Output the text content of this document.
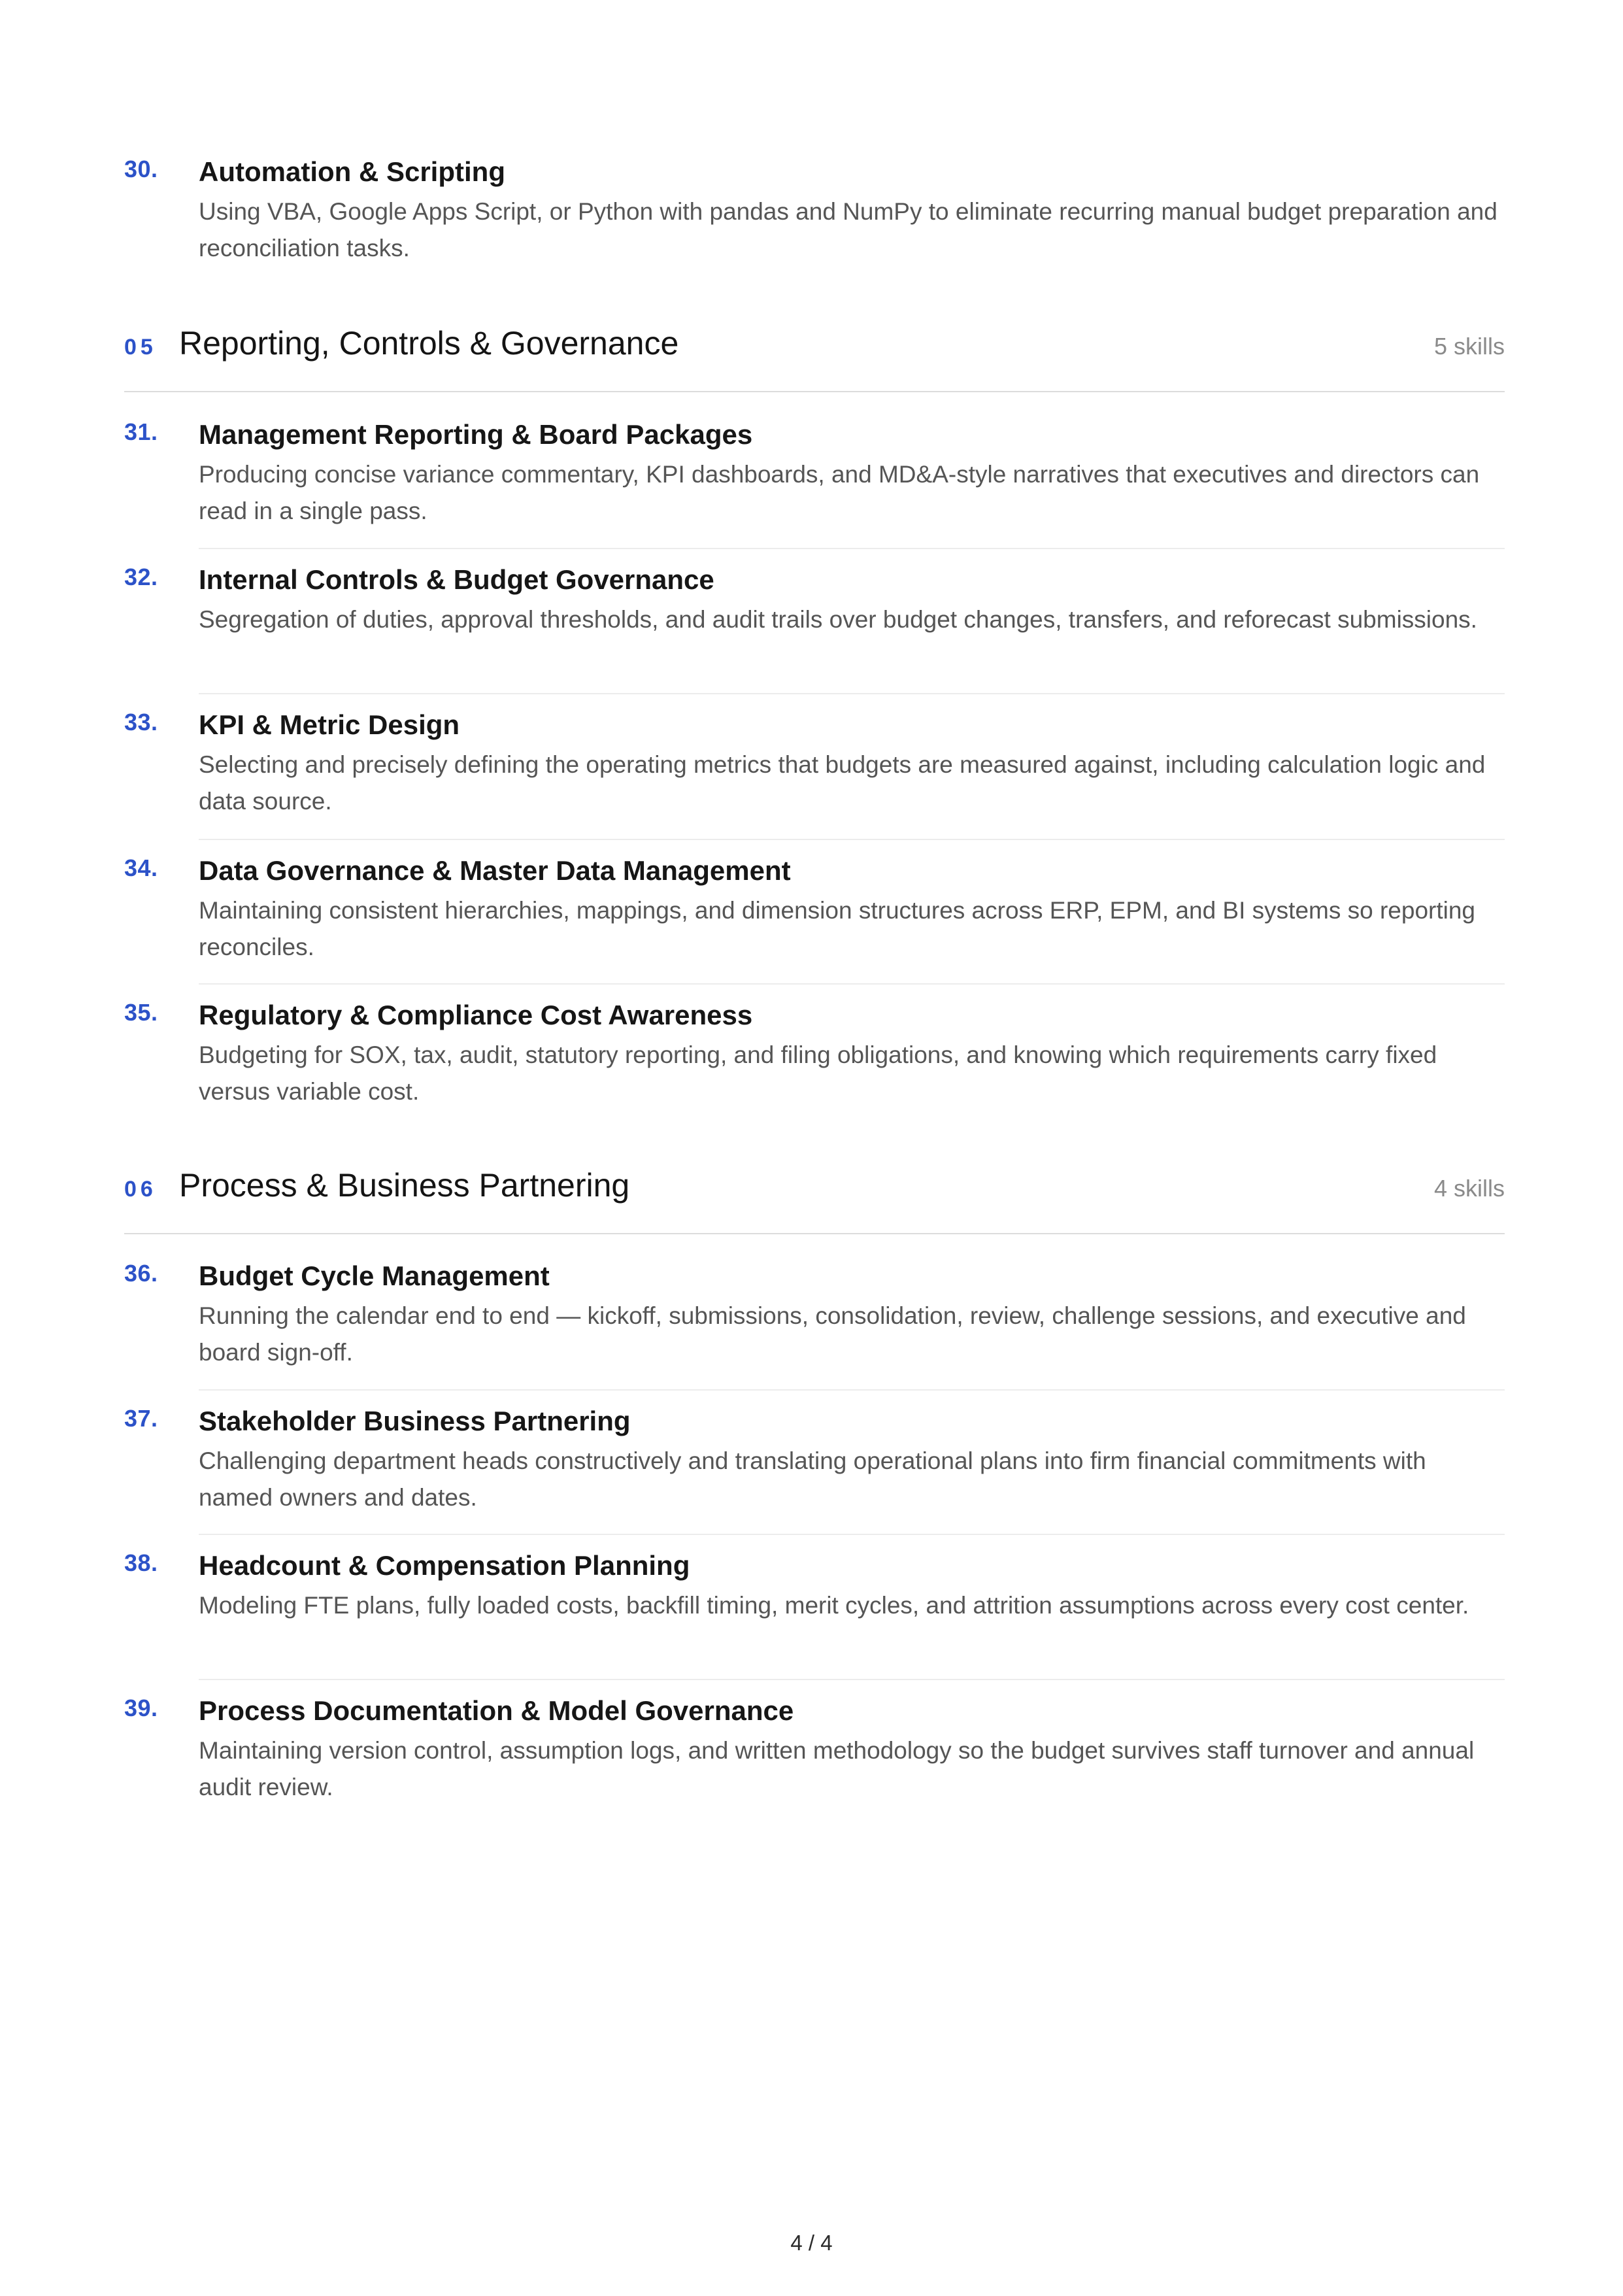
30. Automation & Scripting
Using VBA, Google Apps Script, or Python with pandas and NumPy to eliminate recurring manual budget preparation and reconciliation tasks.
05 Reporting, Controls & Governance	5 skills
31. Management Reporting & Board Packages
Producing concise variance commentary, KPI dashboards, and MD&A-style narratives that executives and directors can read in a single pass.
32. Internal Controls & Budget Governance
Segregation of duties, approval thresholds, and audit trails over budget changes, transfers, and reforecast submissions.
33. KPI & Metric Design
Selecting and precisely defining the operating metrics that budgets are measured against, including calculation logic and data source.
34. Data Governance & Master Data Management
Maintaining consistent hierarchies, mappings, and dimension structures across ERP, EPM, and BI systems so reporting reconciles.
35. Regulatory & Compliance Cost Awareness
Budgeting for SOX, tax, audit, statutory reporting, and filing obligations, and knowing which requirements carry fixed versus variable cost.
06 Process & Business Partnering	4 skills
36. Budget Cycle Management
Running the calendar end to end — kickoff, submissions, consolidation, review, challenge sessions, and executive and board sign-off.
37. Stakeholder Business Partnering
Challenging department heads constructively and translating operational plans into firm financial commitments with named owners and dates.
38. Headcount & Compensation Planning
Modeling FTE plans, fully loaded costs, backfill timing, merit cycles, and attrition assumptions across every cost center.
39. Process Documentation & Model Governance
Maintaining version control, assumption logs, and written methodology so the budget survives staff turnover and annual audit review.
4 / 4
